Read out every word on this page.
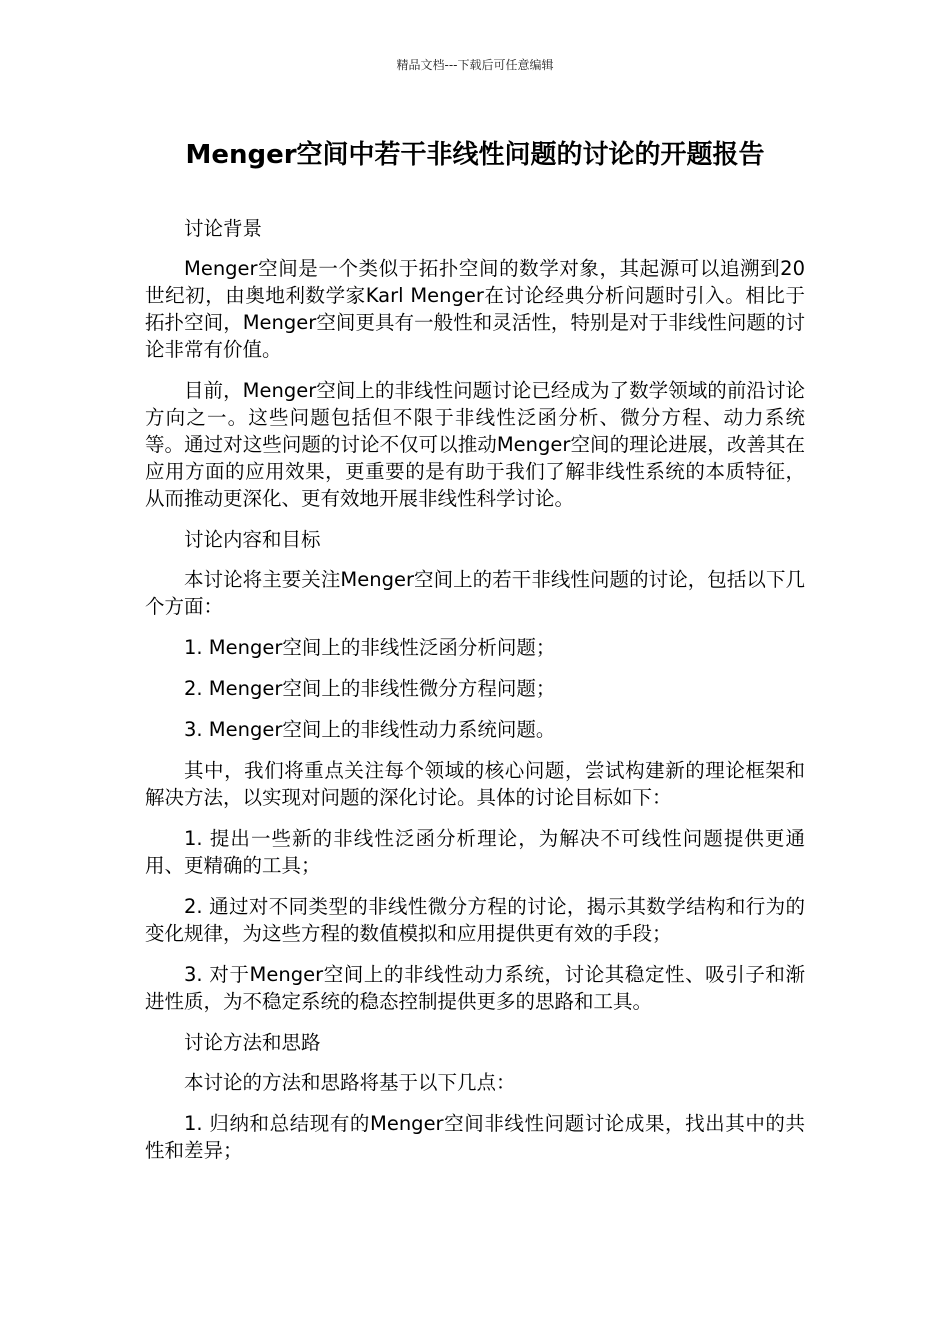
精品文档---下载后可任意编辑
Menger空间中若干非线性问题的讨论的开题报告

讨论背景

Menger空间是一个类似于拓扑空间的数学对象，其起源可以追溯到20世纪初，由奥地利数学家Karl Menger在讨论经典分析问题时引入。相比于拓扑空间，Menger空间更具有一般性和灵活性，特别是对于非线性问题的讨论非常有价值。

目前，Menger空间上的非线性问题讨论已经成为了数学领域的前沿讨论方向之一。这些问题包括但不限于非线性泛函分析、微分方程、动力系统等。通过对这些问题的讨论不仅可以推动Menger空间的理论进展，改善其在应用方面的应用效果，更重要的是有助于我们了解非线性系统的本质特征，从而推动更深化、更有效地开展非线性科学讨论。

讨论内容和目标

本讨论将主要关注Menger空间上的若干非线性问题的讨论，包括以下几个方面：

1. Menger空间上的非线性泛函分析问题；

2. Menger空间上的非线性微分方程问题；

3. Menger空间上的非线性动力系统问题。

其中，我们将重点关注每个领域的核心问题，尝试构建新的理论框架和解决方法，以实现对问题的深化讨论。具体的讨论目标如下：

1. 提出一些新的非线性泛函分析理论，为解决不可线性问题提供更通用、更精确的工具；

2. 通过对不同类型的非线性微分方程的讨论，揭示其数学结构和行为的变化规律，为这些方程的数值模拟和应用提供更有效的手段；

3. 对于Menger空间上的非线性动力系统，讨论其稳定性、吸引子和渐进性质，为不稳定系统的稳态控制提供更多的思路和工具。

讨论方法和思路

本讨论的方法和思路将基于以下几点：

1. 归纳和总结现有的Menger空间非线性问题讨论成果，找出其中的共性和差异；
